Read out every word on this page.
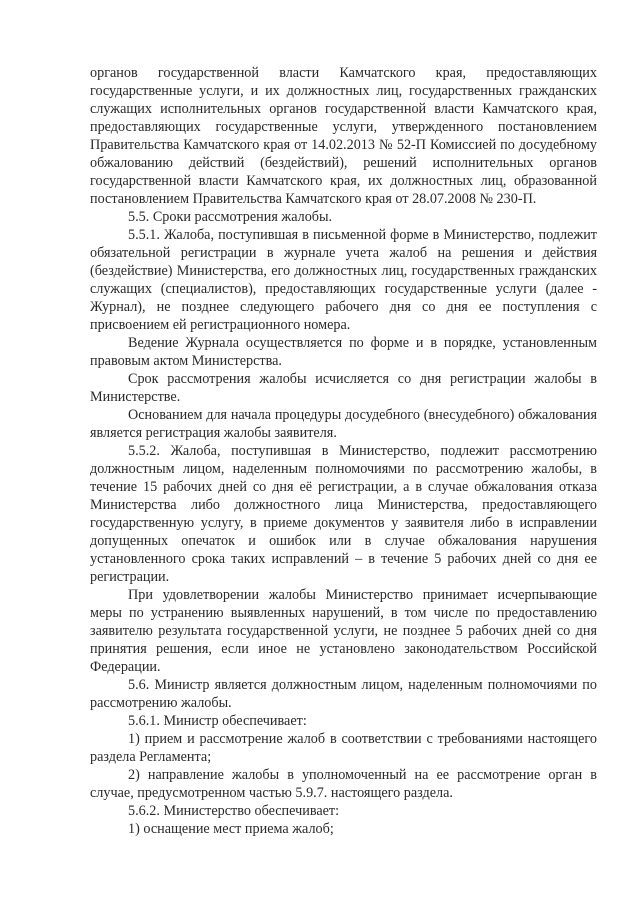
органов государственной власти Камчатского края, предоставляющих государственные услуги, и их должностных лиц, государственных гражданских служащих исполнительных органов государственной власти Камчатского края, предоставляющих государственные услуги, утвержденного постановлением Правительства Камчатского края от 14.02.2013 № 52-П Комиссией по досудебному обжалованию действий (бездействий), решений исполнительных органов государственной власти Камчатского края, их должностных лиц, образованной постановлением Правительства Камчатского края от 28.07.2008 № 230-П.

5.5. Сроки рассмотрения жалобы.

5.5.1. Жалоба, поступившая в письменной форме в Министерство, подлежит обязательной регистрации в журнале учета жалоб на решения и действия (бездействие) Министерства, его должностных лиц, государственных гражданских служащих (специалистов), предоставляющих государственные услуги (далее - Журнал), не позднее следующего рабочего дня со дня ее поступления с присвоением ей регистрационного номера.

Ведение Журнала осуществляется по форме и в порядке, установленным правовым актом Министерства.

Срок рассмотрения жалобы исчисляется со дня регистрации жалобы в Министерстве.

Основанием для начала процедуры досудебного (внесудебного) обжалования является регистрация жалобы заявителя.

5.5.2. Жалоба, поступившая в Министерство, подлежит рассмотрению должностным лицом, наделенным полномочиями по рассмотрению жалобы, в течение 15 рабочих дней со дня её регистрации, а в случае обжалования отказа Министерства либо должностного лица Министерства, предоставляющего государственную услугу, в приеме документов у заявителя либо в исправлении допущенных опечаток и ошибок или в случае обжалования нарушения установленного срока таких исправлений – в течение 5 рабочих дней со дня ее регистрации.

При удовлетворении жалобы Министерство принимает исчерпывающие меры по устранению выявленных нарушений, в том числе по предоставлению заявителю результата государственной услуги, не позднее 5 рабочих дней со дня принятия решения, если иное не установлено законодательством Российской Федерации.

5.6. Министр является должностным лицом, наделенным полномочиями по рассмотрению жалобы.

5.6.1. Министр обеспечивает:

1) прием и рассмотрение жалоб в соответствии с требованиями настоящего раздела Регламента;

2) направление жалобы в уполномоченный на ее рассмотрение орган в случае, предусмотренном частью 5.9.7. настоящего раздела.

5.6.2. Министерство обеспечивает:

1) оснащение мест приема жалоб;
